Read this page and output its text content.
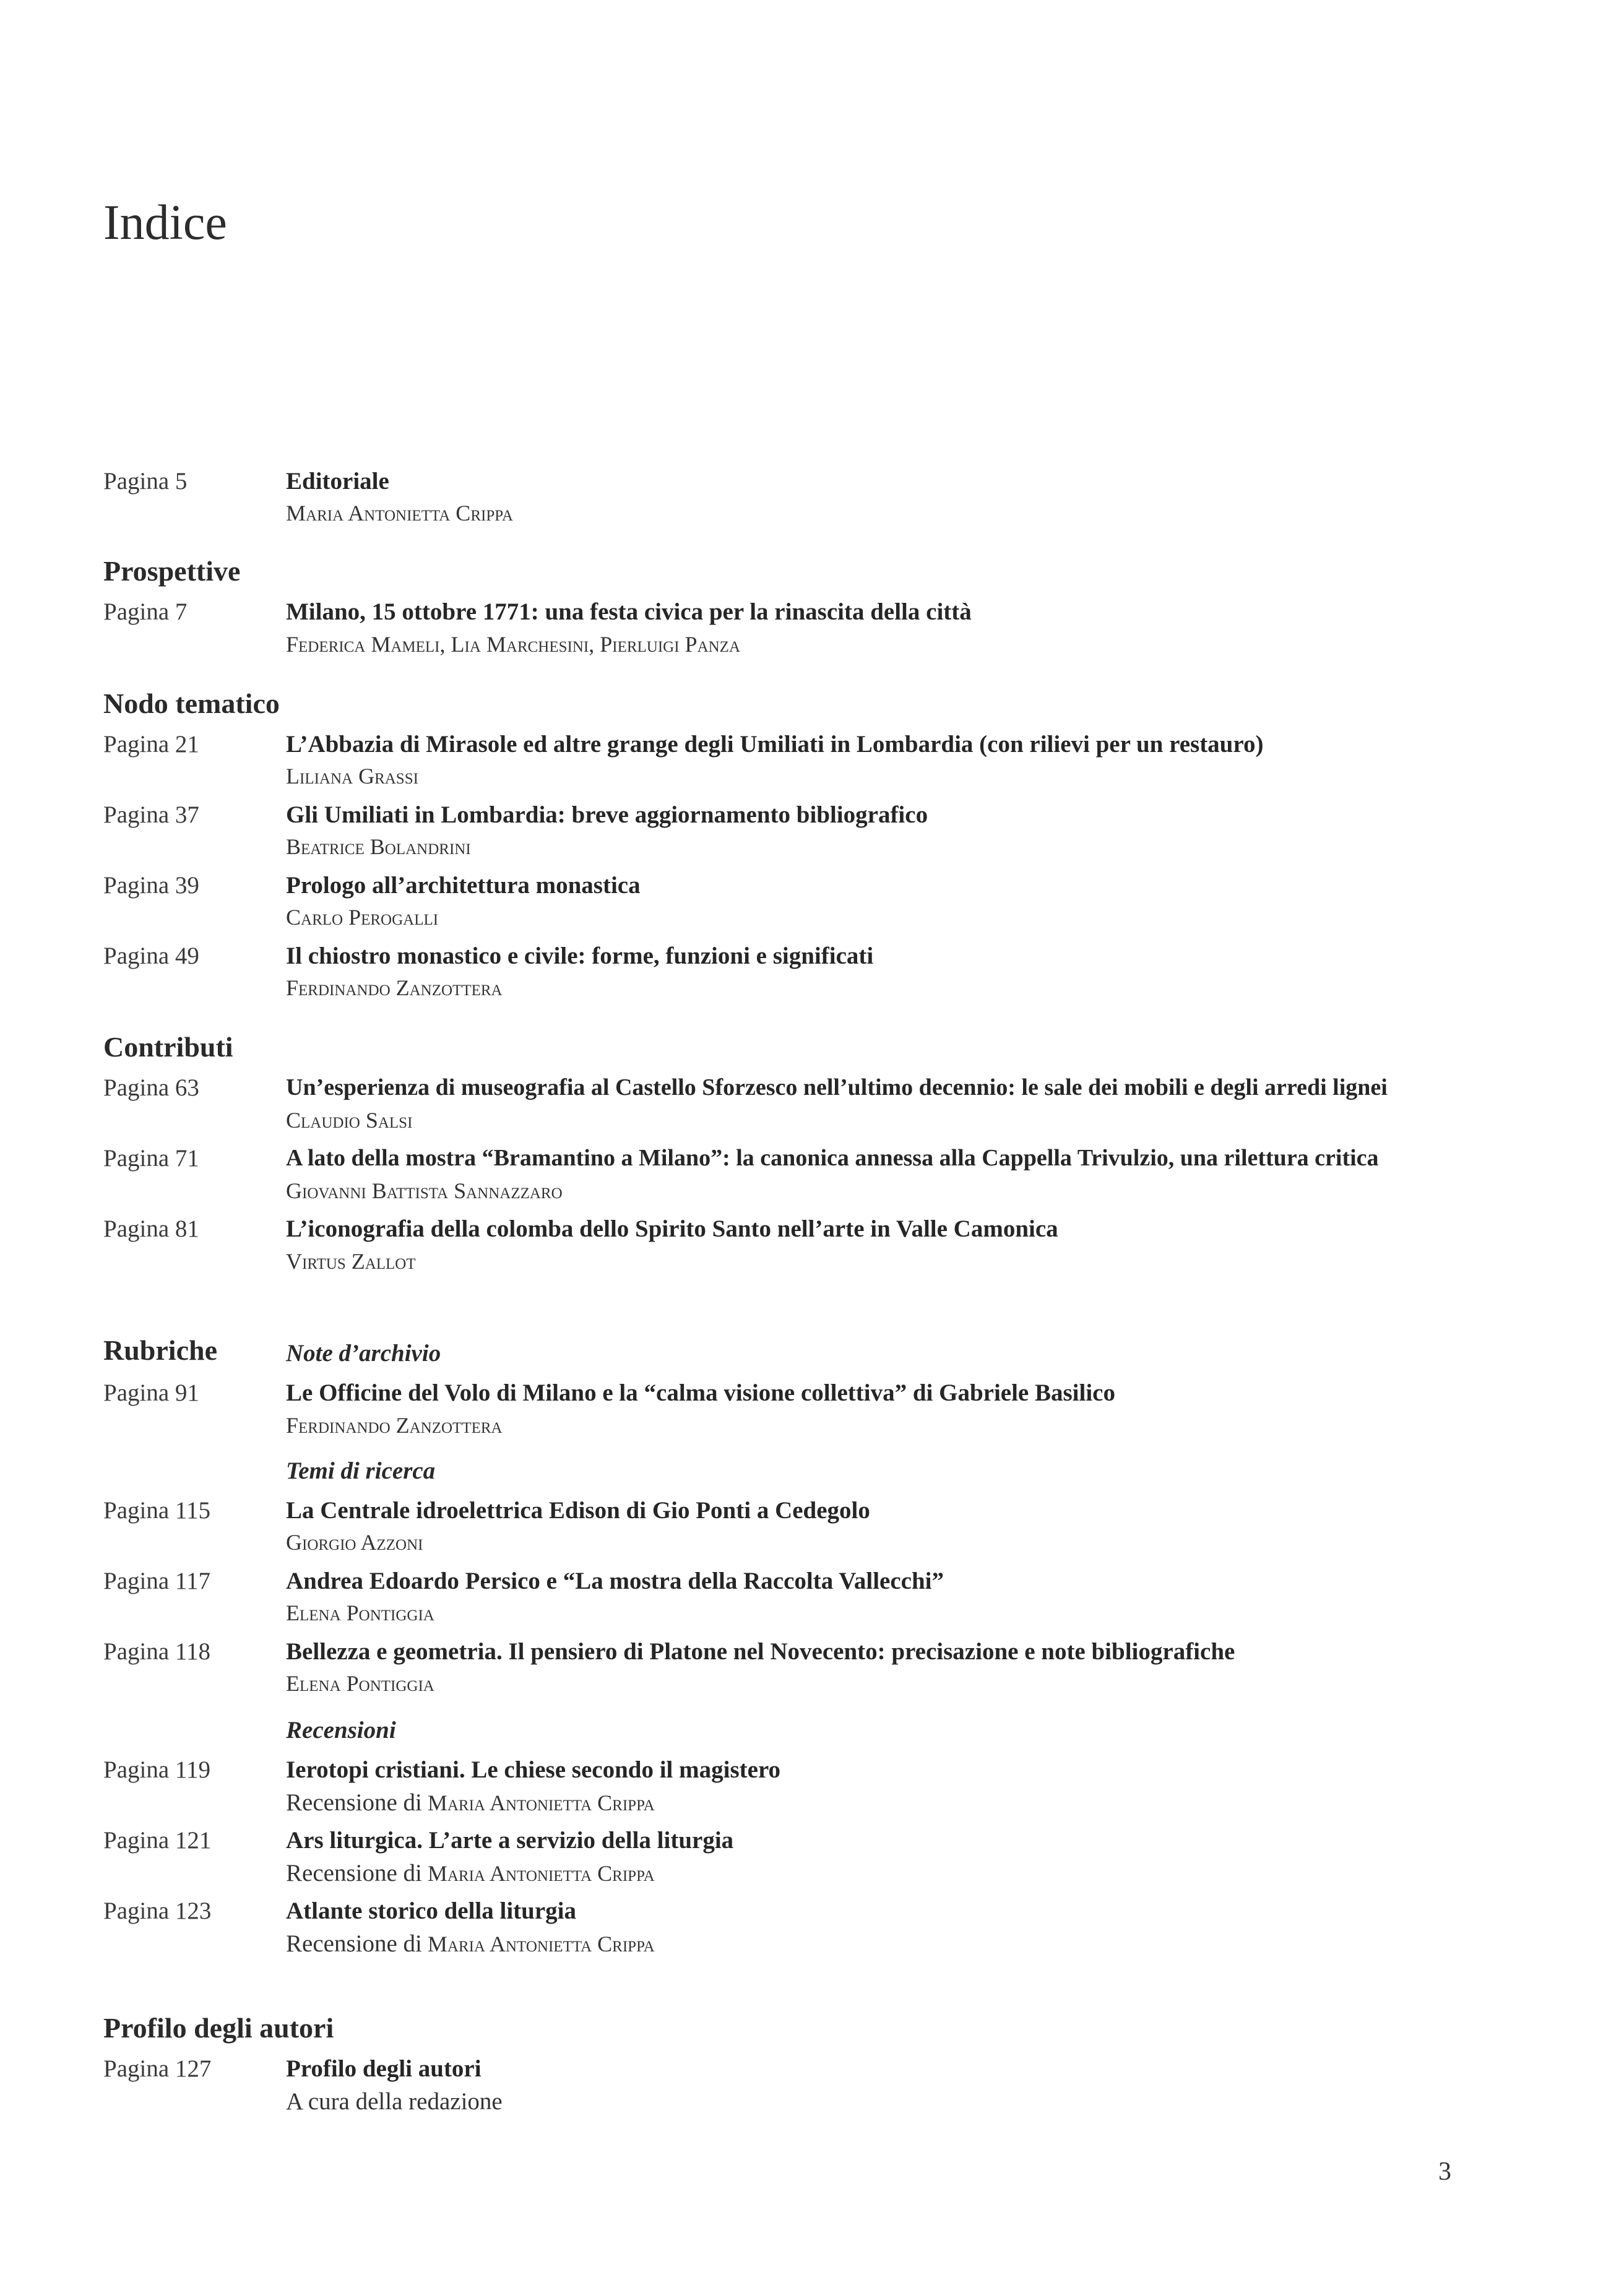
Indice
Pagina 5	Editoriale
Maria Antonietta Crippa
Prospettive
Pagina 7	Milano, 15 ottobre 1771: una festa civica per la rinascita della città
Federica Mameli, Lia Marchesini, Pierluigi Panza
Nodo tematico
Pagina 21	L’Abbazia di Mirasole ed altre grange degli Umiliati in Lombardia (con rilievi per un restauro)
Liliana Grassi
Pagina 37	Gli Umiliati in Lombardia: breve aggiornamento bibliografico
Beatrice Bolandrini
Pagina 39	Prologo all’architettura monastica
Carlo Perogalli
Pagina 49	Il chiostro monastico e civile: forme, funzioni e significati
Ferdinando Zanzottera
Contributi
Pagina 63	Un’esperienza di museografia al Castello Sforzesco nell’ultimo decennio: le sale dei mobili e degli arredi lignei
Claudio Salsi
Pagina 71	A lato della mostra “Bramantino a Milano”: la canonica annessa alla Cappella Trivulzio, una rilettura critica
Giovanni Battista Sannazzaro
Pagina 81	L’iconografia della colomba dello Spirito Santo nell’arte in Valle Camonica
Virtus Zallot
Rubriche	Note d’archivio
Pagina 91	Le Officine del Volo di Milano e la “calma visione collettiva” di Gabriele Basilico
Ferdinando Zanzottera
Temi di ricerca
Pagina 115	La Centrale idroelettrica Edison di Gio Ponti a Cedegolo
Giorgio Azzoni
Pagina 117	Andrea Edoardo Persico e “La mostra della Raccolta Vallecchi”
Elena Pontiggia
Pagina 118	Bellezza e geometria. Il pensiero di Platone nel Novecento: precisazione e note bibliografiche
Elena Pontiggia
Recensioni
Pagina 119	Ierotopi cristiani. Le chiese secondo il magistero
Recensione di Maria Antonietta Crippa
Pagina 121	Ars liturgica. L’arte a servizio della liturgia
Recensione di Maria Antonietta Crippa
Pagina 123	Atlante storico della liturgia
Recensione di Maria Antonietta Crippa
Profilo degli autori
Pagina 127	Profilo degli autori
A cura della redazione
3
